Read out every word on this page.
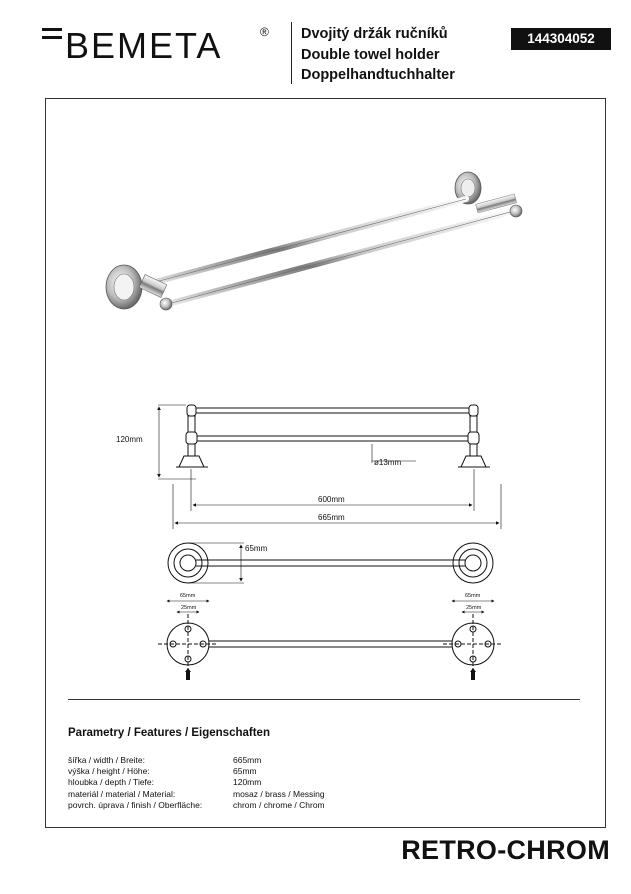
BEMETA	® Dvojitý držák ručníků
Double towel holder
Doppelhandtuchhalter
144304052
120mm
ø13mm
600mm
665mm
65mm
65mm
25mm
65mm
25mm
Parametry / Features / Eigenschaften
šířka / width / Breite:	665mm
výška / height / Höhe:	65mm
hloubka / depth / Tiefe:	120mm
materiál / material / Material:	mosaz / brass / Messing
povrch. úprava / finish / Oberfläche:	chrom / chrome / Chrom
RETRO-CHROM
